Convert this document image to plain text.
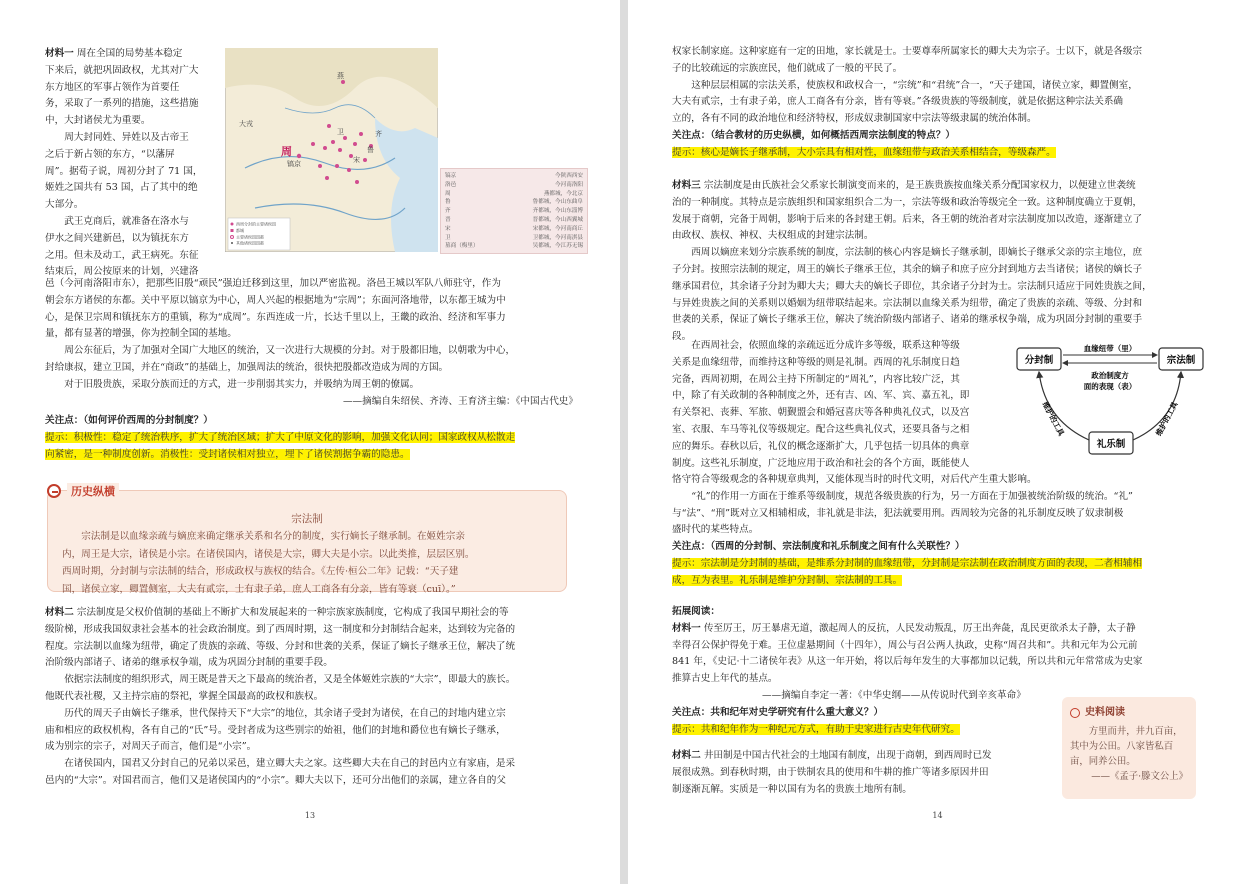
材料一 周在全国的局势基本稳定
下来后，就把巩固政权，尤其对广大
东方地区的军事占领作为首要任
务，采取了一系列的措施，这些措施
中，大封诸侯尤为重要。
周大封同姓、异姓以及古帝王
之后于新占领的东方，“以藩屏
周”。据荀子说，周初分封了 71 国，
姬姓之国共有 53 国，占了其中的绝
大部分。
武王克商后，就准备在洛水与
伊水之间兴建新邑，以为镇抚东方
之用。但未及动工，武王病死。东征
结束后，周公按原来的计划，兴建洛
燕
周
镐京
大戎
卫
鲁
齐
宋
西周分封的主要诸侯国
都城
主要诸侯国国都
其他诸侯国国都
镐京	今陕西西安
洛邑	今河南洛阳
周	燕都城，今北京
鲁	鲁都城，今山东曲阜
齐	齐都城，今山东淄博
晋	晋都城，今山西翼城
宋	宋都城，今河南商丘
卫	卫都城，今河南淇县
墓商（梅里）	吴都城，今江苏无锡
邑（今河南洛阳市东），把那些旧殷“顽民”强迫迁移到这里，加以严密监视。洛邑王城以军队八师驻守，作为
朝会东方诸侯的东都。关中平原以镐京为中心，周人兴起的根据地为“宗周”；东面河洛地带，以东都王城为中
心，是保卫宗周和镇抚东方的重镇，称为“成周”。东西连成一片，长达千里以上，王畿的政治、经济和军事力
量，都有显著的增强，你为控制全国的基地。
周公东征后，为了加强对全国广大地区的统治，又一次进行大规模的分封。对于殷都旧地，以朝歌为中心，
封给康叔，建立卫国，并在“商政”的基础上，加强周法的统治，很快把殷都改造成为周的方国。
对于旧殷贵族，采取分族而迁的方式，进一步削弱其实力，并吸纳为周王朝的僚属。
——摘编自朱绍侯、齐涛、王育济主编：《中国古代史》
关注点：（如何评价西周的分封制度？）
提示：积极性：稳定了统治秩序，扩大了统治区域；扩大了中原文化的影响，加强文化认同；国家政权从松散走
向紧密，是一种制度创新。消极性：受封诸侯相对独立，埋下了诸侯割据争霸的隐患。
宗法制
宗法制是以血缘亲疏与嫡庶来确定继承关系和名分的制度，实行嫡长子继承制。在姬姓宗亲
内，周王是大宗，诸侯是小宗。在诸侯国内，诸侯是大宗，卿大夫是小宗。以此类推，层层区别。
西周时期，分封制与宗法制的结合，形成政权与族权的结合。《左传·桓公二年》记载：“天子建
国，诸侯立家，卿置侧室，大夫有贰宗，士有隶子弟，庶人工商各有分亲，皆有等衰（cuī）。”
历史纵横
材料二 宗法制度是父权价值制的基础上不断扩大和发展起来的一种宗族家族制度，它构成了我国早期社会的等
级阶梯，形成我国奴隶社会基本的社会政治制度。到了西周时期，这一制度和分封制结合起来，达到较为完备的
程度。宗法制以血缘为纽带，确定了贵族的亲疏、等级、分封和世袭的关系，保证了嫡长子继承王位，解决了统
治阶级内部诸子、诸弟的继承权争端，成为巩固分封制的重要手段。
依据宗法制度的组织形式，周王既是普天之下最高的统治者，又是全体姬姓宗族的“大宗”，即最大的族长。
他既代表社稷，又主持宗庙的祭祀，掌握全国最高的政权和族权。
历代的周天子由嫡长子继承，世代保持天下“大宗”的地位，其余诸子受封为诸侯，在自己的封地内建立宗
庙和相应的政权机构，各有自己的“氏”号。受封者成为这些别宗的始祖，他们的封地和爵位也有嫡长子继承，
成为别宗的宗子，对周天子而言，他们是“小宗”。
在诸侯国内，国君又分封自己的兄弟以采邑，建立卿大夫之家。这些卿大夫在自己的封邑内立有家庙，是采
邑内的“大宗”。对国君而言，他们又是诸侯国内的“小宗”。卿大夫以下，还可分出他们的亲属，建立各自的父
13
权家长制家庭。这种家庭有一定的田地，家长就是士。士要尊奉所属家长的卿大夫为宗子。士以下，就是各级宗
子的比较疏远的宗族庶民，他们就成了一般的平民了。
这种层层相属的宗法关系，使族权和政权合一，“宗统”和“君统”合一，“天子建国，诸侯立家，卿置侧室，
大夫有贰宗，士有隶子弟，庶人工商各有分亲，皆有等衰。”各级贵族的等级制度，就是依据这种宗法关系确
立的，各有不同的政治地位和经济特权，形成奴隶制国家中宗法等级隶属的统治体制。
关注点：（结合教材的历史纵横，如何概括西周宗法制度的特点？）
提示：核心是嫡长子继承制，大小宗具有相对性，血缘纽带与政治关系相结合，等级森严。
材料三 宗法制度是由氏族社会父系家长制演变而来的，是王族贵族按血缘关系分配国家权力，以便建立世袭统
治的一种制度。其特点是宗族组织和国家组织合二为一，宗法等级和政治等级完全一致。这种制度确立于夏朝，
发展于商朝，完备于周朝，影响于后来的各封建王朝。后来，各王朝的统治者对宗法制度加以改造，逐渐建立了
由政权、族权、神权、夫权组成的封建宗法制。
西周以嫡庶来划分宗族系统的制度，宗法制的核心内容是嫡长子继承制，即嫡长子继承父亲的宗主地位，庶
子分封。按照宗法制的规定，周王的嫡长子继承王位，其余的嫡子和庶子应分封到地方去当诸侯；诸侯的嫡长子
继承国君位，其余诸子分封为卿大夫；卿大夫的嫡长子即位，其余诸子分封为士。宗法制只适应于同姓贵族之间，
与异姓贵族之间的关系则以婚姻为纽带联结起来。宗法制以血缘关系为纽带，确定了贵族的亲疏、等级、分封和
世袭的关系，保证了嫡长子继承王位，解决了统治阶级内部诸子、诸弟的继承权争端，成为巩固分封制的重要手
段。
在西周社会，依照血缘的亲疏远近分成许多等级，联系这种等级
关系是血缘纽带，而维持这种等级的则是礼制。西周的礼乐制度日趋
完备，西周初期，在周公主持下所制定的“周礼”，内容比较广泛，其
中，除了有关政制的各种制度之外，还有吉、凶、军、宾、嘉五礼，即
有关祭祀、丧葬、军旅、朝觐盟会和婚冠喜庆等各种典礼仪式，以及宫
室、衣服、车马等礼仪等级规定。配合这些典礼仪式，还要具备与之相
应的舞乐。春秋以后，礼仪的概念逐渐扩大，几乎包括一切具体的典章
制度。这些礼乐制度，广泛地应用于政治和社会的各个方面，既能使人
分封制	宗法制
礼乐制
血缘纽带（里）
政治制度方
面的表现（表）
维护的工具	维护的工具
恪守符合等级观念的各种规章典判，又能体现当时的时代文明，对后代产生重大影响。
“礼”的作用一方面在于维系等级制度，规范各级贵族的行为，另一方面在于加强被统治阶级的统治。“礼”
与“法”、“刑”既对立又相辅相成，非礼就是非法，犯法就要用刑。西周较为完备的礼乐制度反映了奴隶制极
盛时代的某些特点。
关注点：（西周的分封制、宗法制度和礼乐制度之间有什么关联性？）
提示：宗法制是分封制的基础，是维系分封制的血缘纽带，分封制是宗法制在政治制度方面的表现，二者相辅相
成，互为表里。礼乐制是维护分封制、宗法制的工具。
拓展阅读：
材料一 传至厉王，厉王暴虐无道，激起周人的反抗，人民发动叛乱，厉王出奔彘，乱民更欲杀太子静，太子静
幸得召公保护得免于难。王位虚悬期间（十四年），周公与召公两人执政，史称“周召共和”。共和元年为公元前
841 年，《史记·十二诸侯年表》从这一年开始，将以后每年发生的大事都加以记载，所以共和元年常常成为史家
推算古史上年代的基点。
——摘编自李定一著：《中华史纲——从传说时代到辛亥革命》
关注点：共和纪年对史学研究有什么重大意义？）
提示：共和纪年作为一种纪元方式，有助于史家进行古史年代研究。
材料二 井田制是中国古代社会的土地国有制度，出现于商朝，到西周时已发
展很成熟。到春秋时期，由于铁制农具的使用和牛耕的推广等诸多原因井田
制逐渐瓦解。实质是一种以国有为名的贵族土地所有制。
史料阅读
方里而井，井九百亩，
其中为公田。八家皆私百
亩，同养公田。
——《孟子·滕文公上》
14
